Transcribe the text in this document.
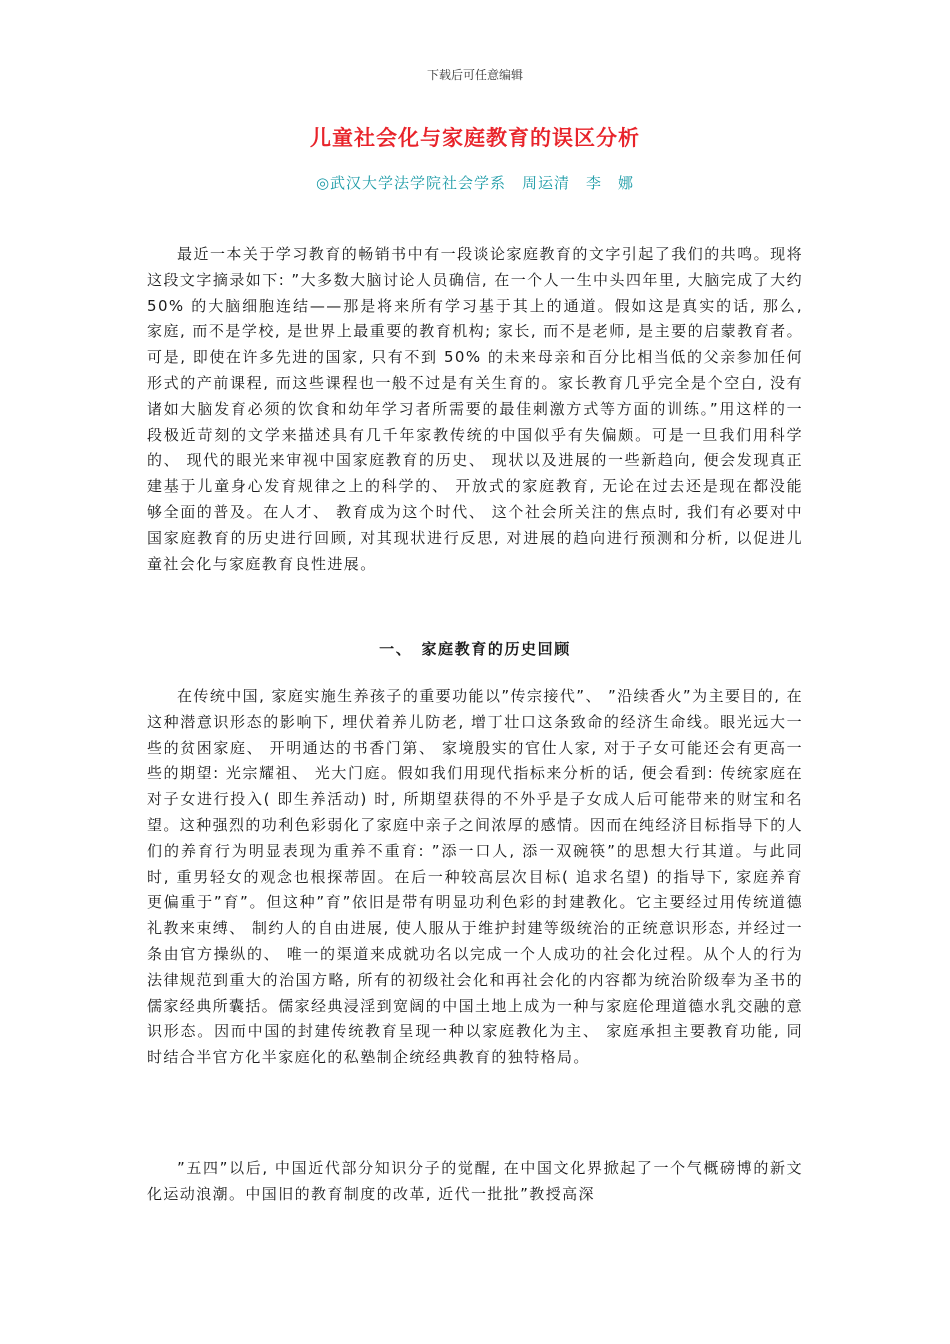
下载后可任意编辑
儿童社会化与家庭教育的误区分析
◎武汉大学法学院社会学系　周运清　李　娜

最近一本关于学习教育的畅销书中有一段谈论家庭教育的文字引起了我们的共鸣。现将这段文字摘录如下: ”大多数大脑讨论人员确信, 在一个人一生中头四年里, 大脑完成了大约 50% 的大脑细胞连结——那是将来所有学习基于其上的通道。假如这是真实的话, 那么, 家庭, 而不是学校, 是世界上最重要的教育机构; 家长, 而不是老师, 是主要的启蒙教育者。可是, 即使在许多先进的国家, 只有不到 50% 的未来母亲和百分比相当低的父亲参加任何形式的产前课程, 而这些课程也一般不过是有关生育的。家长教育几乎完全是个空白, 没有诸如大脑发育必须的饮食和幼年学习者所需要的最佳刺激方式等方面的训练。”用这样的一段极近苛刻的文学来描述具有几千年家教传统的中国似乎有失偏颇。可是一旦我们用科学的、 现代的眼光来审视中国家庭教育的历史、 现状以及进展的一些新趋向, 便会发现真正建基于儿童身心发育规律之上的科学的、 开放式的家庭教育, 无论在过去还是现在都没能够全面的普及。在人才、 教育成为这个时代、 这个社会所关注的焦点时, 我们有必要对中国家庭教育的历史进行回顾, 对其现状进行反思, 对进展的趋向进行预测和分析, 以促进儿童社会化与家庭教育良性进展。

一、　家庭教育的历史回顾

在传统中国, 家庭实施生养孩子的重要功能以”传宗接代”、 ”沿续香火”为主要目的, 在这种潜意识形态的影响下, 埋伏着养儿防老, 增丁壮口这条致命的经济生命线。眼光远大一些的贫困家庭、 开明通达的书香门第、 家境殷实的官仕人家, 对于子女可能还会有更高一些的期望: 光宗耀祖、 光大门庭。假如我们用现代指标来分析的话, 便会看到: 传统家庭在对子女进行投入( 即生养活动) 时, 所期望获得的不外乎是子女成人后可能带来的财宝和名望。这种强烈的功利色彩弱化了家庭中亲子之间浓厚的感情。因而在纯经济目标指导下的人们的养育行为明显表现为重养不重育: ”添一口人, 添一双碗筷”的思想大行其道。与此同时, 重男轻女的观念也根探蒂固。在后一种较高层次目标( 追求名望) 的指导下, 家庭养育更偏重于”育”。但这种”育”依旧是带有明显功利色彩的封建教化。它主要经过用传统道德礼教来束缚、 制约人的自由进展, 使人服从于维护封建等级统治的正统意识形态, 并经过一条由官方操纵的、 唯一的渠道来成就功名以完成一个人成功的社会化过程。从个人的行为法律规范到重大的治国方略, 所有的初级社会化和再社会化的内容都为统治阶级奉为圣书的儒家经典所囊括。儒家经典浸淫到宽阔的中国土地上成为一种与家庭伦理道德水乳交融的意识形态。因而中国的封建传统教育呈现一种以家庭教化为主、 家庭承担主要教育功能, 同时结合半官方化半家庭化的私塾制企统经典教育的独特格局。

”五四”以后, 中国近代部分知识分子的觉醒, 在中国文化界掀起了一个气概磅博的新文化运动浪潮。中国旧的教育制度的改革, 近代一批批”教授高深
